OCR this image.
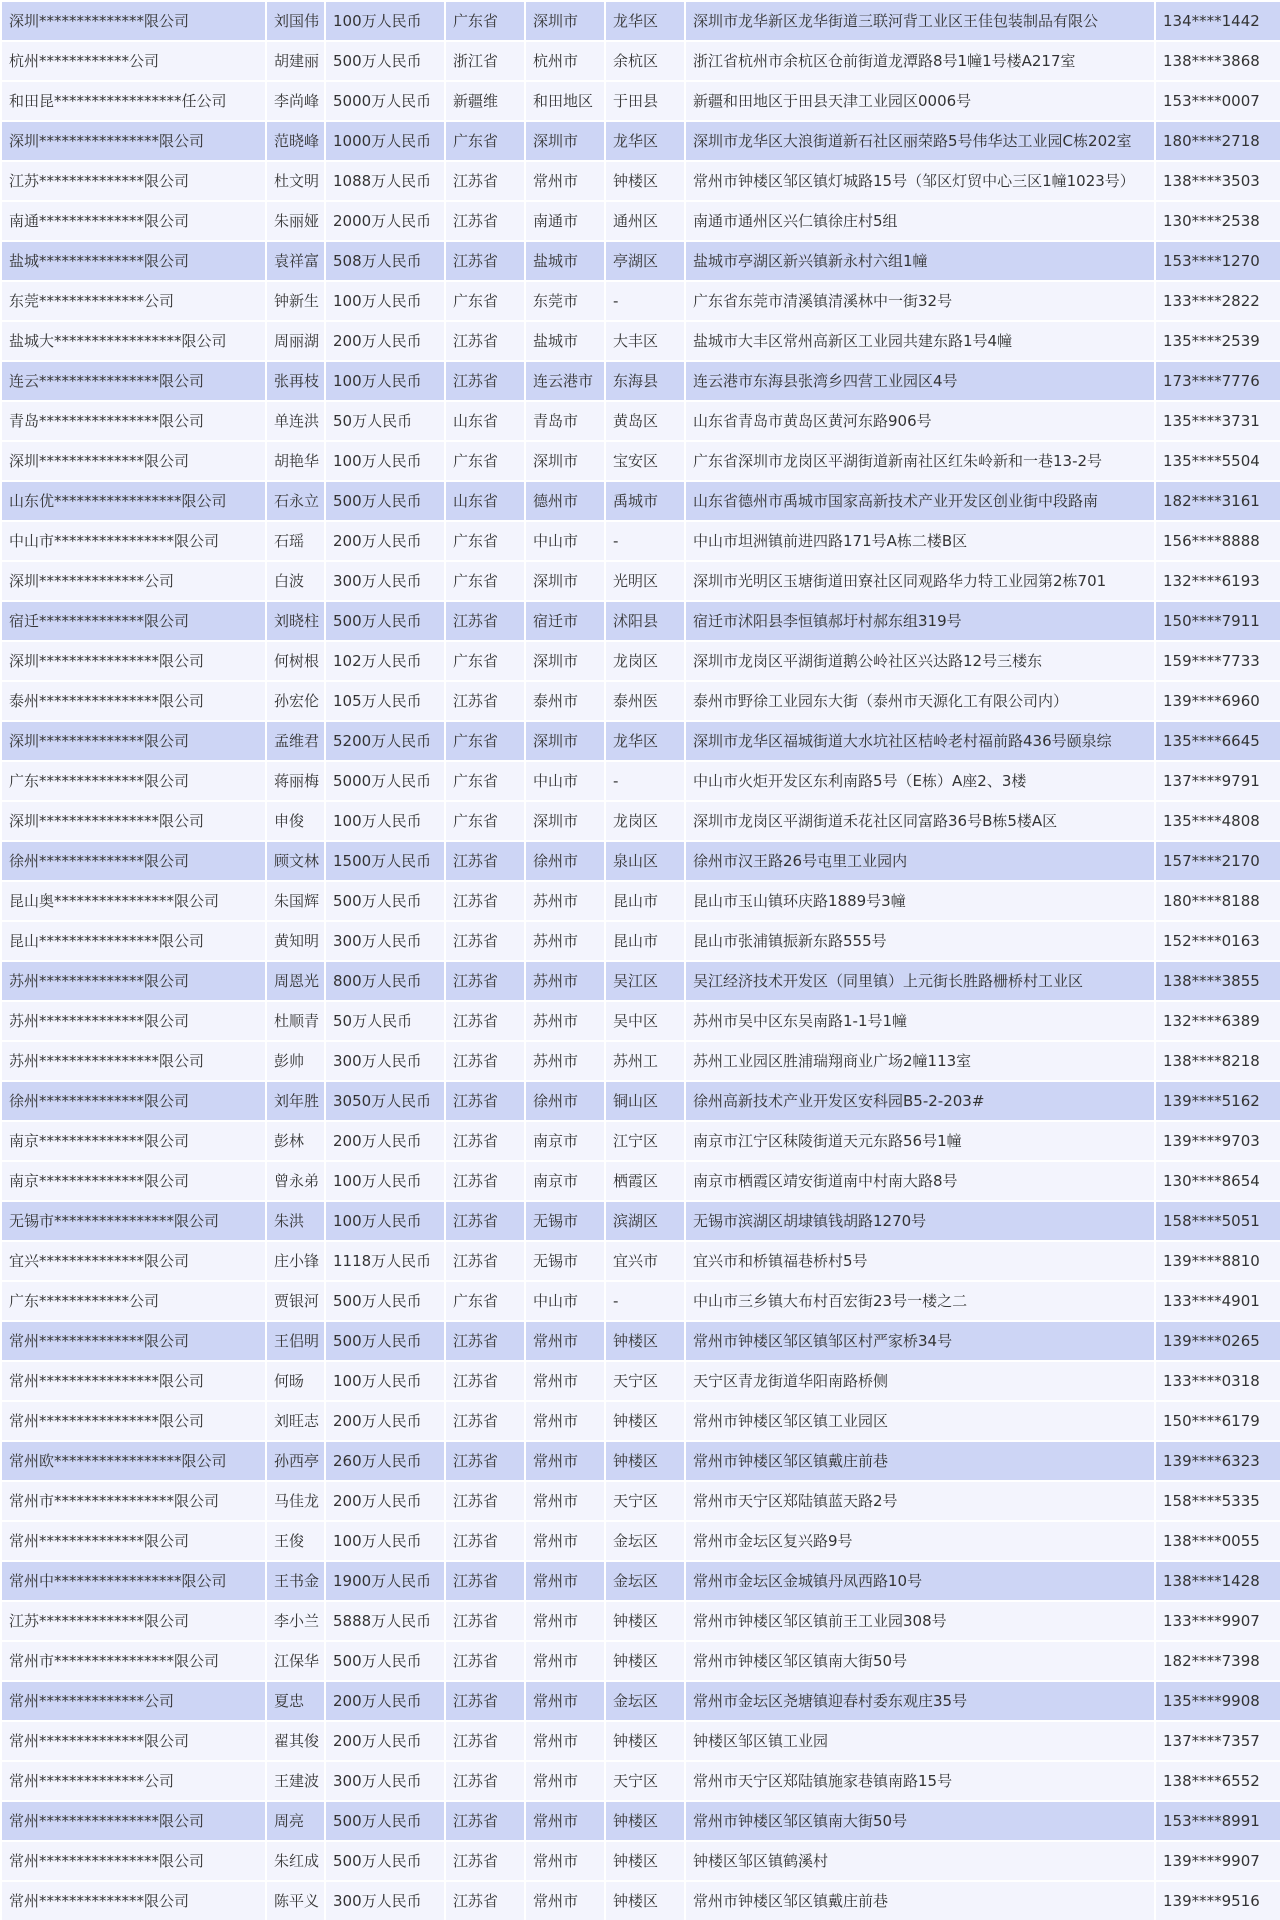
深圳**************限公司	刘国伟	100万人民币	广东省	深圳市	龙华区	深圳市龙华新区龙华街道三联河背工业区王佳包装制品有限公	134****1442
杭州************公司	胡建丽	500万人民币	浙江省	杭州市	余杭区	浙江省杭州市余杭区仓前街道龙潭路8号1幢1号楼A217室	138****3868
和田昆*****************任公司	李尚峰	5000万人民币	新疆维	和田地区	于田县	新疆和田地区于田县天津工业园区0006号	153****0007
深圳****************限公司	范晓峰	1000万人民币	广东省	深圳市	龙华区	深圳市龙华区大浪街道新石社区丽荣路5号伟华达工业园C栋202室	180****2718
江苏**************限公司	杜文明	1088万人民币	江苏省	常州市	钟楼区	常州市钟楼区邹区镇灯城路15号（邹区灯贸中心三区1幢1023号）	138****3503
南通**************限公司	朱丽娅	2000万人民币	江苏省	南通市	通州区	南通市通州区兴仁镇徐庄村5组	130****2538
盐城**************限公司	袁祥富	508万人民币	江苏省	盐城市	亭湖区	盐城市亭湖区新兴镇新永村六组1幢	153****1270
东莞**************公司	钟新生	100万人民币	广东省	东莞市	-	广东省东莞市清溪镇清溪林中一街32号	133****2822
盐城大*****************限公司	周丽湖	200万人民币	江苏省	盐城市	大丰区	盐城市大丰区常州高新区工业园共建东路1号4幢	135****2539
连云****************限公司	张再枝	100万人民币	江苏省	连云港市	东海县	连云港市东海县张湾乡四营工业园区4号	173****7776
青岛****************限公司	单连洪	50万人民币	山东省	青岛市	黄岛区	山东省青岛市黄岛区黄河东路906号	135****3731
深圳**************限公司	胡艳华	100万人民币	广东省	深圳市	宝安区	广东省深圳市龙岗区平湖街道新南社区红朱岭新和一巷13-2号	135****5504
山东优*****************限公司	石永立	500万人民币	山东省	德州市	禹城市	山东省德州市禹城市国家高新技术产业开发区创业街中段路南	182****3161
中山市****************限公司	石瑶	200万人民币	广东省	中山市	-	中山市坦洲镇前进四路171号A栋二楼B区	156****8888
深圳**************公司	白波	300万人民币	广东省	深圳市	光明区	深圳市光明区玉塘街道田寮社区同观路华力特工业园第2栋701	132****6193
宿迁**************限公司	刘晓柱	500万人民币	江苏省	宿迁市	沭阳县	宿迁市沭阳县李恒镇郝圩村郝东组319号	150****7911
深圳****************限公司	何树根	102万人民币	广东省	深圳市	龙岗区	深圳市龙岗区平湖街道鹅公岭社区兴达路12号三楼东	159****7733
泰州****************限公司	孙宏伦	105万人民币	江苏省	泰州市	泰州医	泰州市野徐工业园东大街（泰州市天源化工有限公司内）	139****6960
深圳**************限公司	孟维君	5200万人民币	广东省	深圳市	龙华区	深圳市龙华区福城街道大水坑社区桔岭老村福前路436号颐泉综	135****6645
广东**************限公司	蒋丽梅	5000万人民币	广东省	中山市	-	中山市火炬开发区东利南路5号（E栋）A座2、3楼	137****9791
深圳****************限公司	申俊	100万人民币	广东省	深圳市	龙岗区	深圳市龙岗区平湖街道禾花社区同富路36号B栋5楼A区	135****4808
徐州**************限公司	顾文林	1500万人民币	江苏省	徐州市	泉山区	徐州市汉王路26号屯里工业园内	157****2170
昆山奥****************限公司	朱国辉	500万人民币	江苏省	苏州市	昆山市	昆山市玉山镇环庆路1889号3幢	180****8188
昆山****************限公司	黄知明	300万人民币	江苏省	苏州市	昆山市	昆山市张浦镇振新东路555号	152****0163
苏州**************限公司	周恩光	800万人民币	江苏省	苏州市	吴江区	吴江经济技术开发区（同里镇）上元街长胜路栅桥村工业区	138****3855
苏州**************限公司	杜顺青	50万人民币	江苏省	苏州市	吴中区	苏州市吴中区东吴南路1-1号1幢	132****6389
苏州****************限公司	彭帅	300万人民币	江苏省	苏州市	苏州工	苏州工业园区胜浦瑞翔商业广场2幢113室	138****8218
徐州**************限公司	刘年胜	3050万人民币	江苏省	徐州市	铜山区	徐州高新技术产业开发区安科园B5-2-203#	139****5162
南京**************限公司	彭林	200万人民币	江苏省	南京市	江宁区	南京市江宁区秣陵街道天元东路56号1幢	139****9703
南京**************限公司	曾永弟	100万人民币	江苏省	南京市	栖霞区	南京市栖霞区靖安街道南中村南大路8号	130****8654
无锡市****************限公司	朱洪	100万人民币	江苏省	无锡市	滨湖区	无锡市滨湖区胡埭镇钱胡路1270号	158****5051
宜兴**************限公司	庄小锋	1118万人民币	江苏省	无锡市	宜兴市	宜兴市和桥镇福巷桥村5号	139****8810
广东************公司	贾银河	500万人民币	广东省	中山市	-	中山市三乡镇大布村百宏街23号一楼之二	133****4901
常州**************限公司	王侣明	500万人民币	江苏省	常州市	钟楼区	常州市钟楼区邹区镇邹区村严家桥34号	139****0265
常州****************限公司	何旸	100万人民币	江苏省	常州市	天宁区	天宁区青龙街道华阳南路桥侧	133****0318
常州****************限公司	刘旺志	200万人民币	江苏省	常州市	钟楼区	常州市钟楼区邹区镇工业园区	150****6179
常州欧*****************限公司	孙西亭	260万人民币	江苏省	常州市	钟楼区	常州市钟楼区邹区镇戴庄前巷	139****6323
常州市****************限公司	马佳龙	200万人民币	江苏省	常州市	天宁区	常州市天宁区郑陆镇蓝天路2号	158****5335
常州**************限公司	王俊	100万人民币	江苏省	常州市	金坛区	常州市金坛区复兴路9号	138****0055
常州中*****************限公司	王书金	1900万人民币	江苏省	常州市	金坛区	常州市金坛区金城镇丹凤西路10号	138****1428
江苏**************限公司	李小兰	5888万人民币	江苏省	常州市	钟楼区	常州市钟楼区邹区镇前王工业园308号	133****9907
常州市****************限公司	江保华	500万人民币	江苏省	常州市	钟楼区	常州市钟楼区邹区镇南大街50号	182****7398
常州**************公司	夏忠	200万人民币	江苏省	常州市	金坛区	常州市金坛区尧塘镇迎春村委东观庄35号	135****9908
常州**************限公司	翟其俊	200万人民币	江苏省	常州市	钟楼区	钟楼区邹区镇工业园	137****7357
常州**************公司	王建波	300万人民币	江苏省	常州市	天宁区	常州市天宁区郑陆镇施家巷镇南路15号	138****6552
常州****************限公司	周亮	500万人民币	江苏省	常州市	钟楼区	常州市钟楼区邹区镇南大街50号	153****8991
常州****************限公司	朱红成	500万人民币	江苏省	常州市	钟楼区	钟楼区邹区镇鹤溪村	139****9907
常州**************限公司	陈平义	300万人民币	江苏省	常州市	钟楼区	常州市钟楼区邹区镇戴庄前巷	139****9516
